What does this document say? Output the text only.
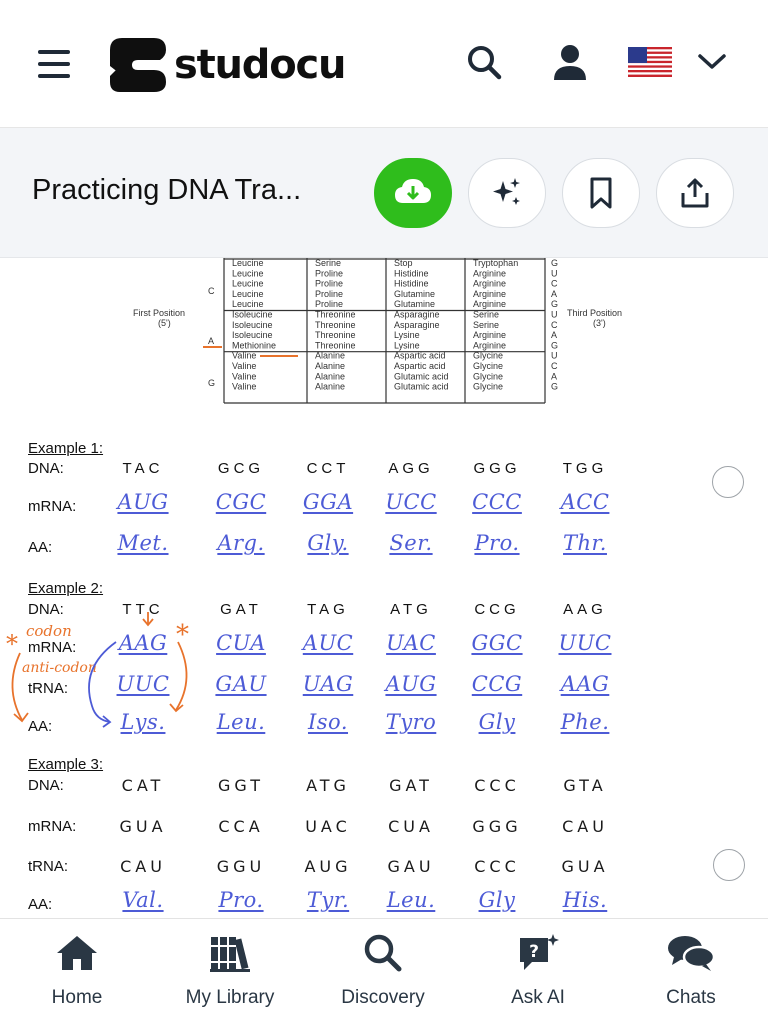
studocu
Practicing DNA Tra...
Leucine	Serine	Stop	Tryptophan	G
Leucine	Proline	Histidine	Arginine	U
Leucine	Proline	Histidine	Arginine	C
Leucine	Proline	Glutamine	Arginine	A
Leucine	Proline	Glutamine	Arginine	G
Isoleucine	Threonine	Asparagine	Serine	U
Isoleucine	Threonine	Asparagine	Serine	C
Isoleucine	Threonine	Lysine	Arginine	A
Methionine	Threonine	Lysine	Arginine	G
Valine	Alanine	Aspartic acid	Glycine	U
Valine	Alanine	Aspartic acid	Glycine	C
Valine	Alanine	Glutamic acid	Glycine	A
Valine	Alanine	Glutamic acid	Glycine	G
C
A
G
First Position
(5')
Third Position
(3')
Example 1:
DNA:	TAC	GCG	CCT	AGG	GGG	TGG
mRNA:	AUG	CGC	GGA	UCC	CCC	ACC
AA:	Met.	Arg.	Gly.	Ser.	Pro.	Thr.
Example 2:
DNA:	TTC	GAT	TAG	ATG	CCG	AAG
mRNA:	AAG	CUA	AUC	UAC	GGC	UUC
tRNA:	UUC	GAU	UAG	AUG	CCG	AAG
AA:	Lys.	Leu.	Iso.	Tyro	Gly	Phe.
Example 3:
DNA:	CAT	GGT	ATG	GAT	CCC	GTA
mRNA:	GUA	CCA	UAC	CUA	GGG	CAU
tRNA:	CAU	GGU	AUG	GAU	CCC	GUA
AA:	Val.	Pro.	Tyr.	Leu.	Gly	His.
codon
anti-codon
*	*
Home	My Library	Discovery
?
Ask AI	Chats
